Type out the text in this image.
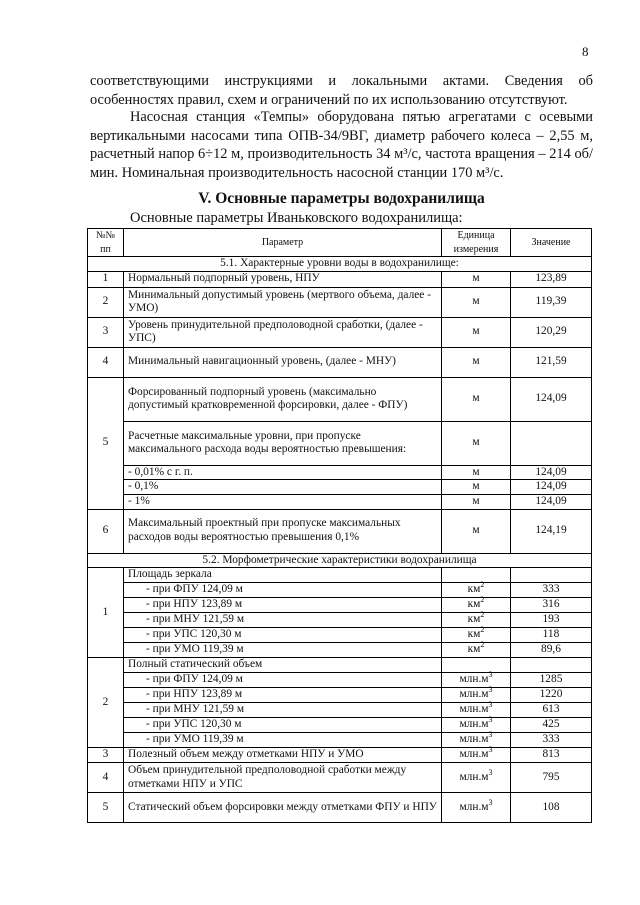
8

соответствующими инструкциями и локальными актами. Сведения об особенностях правил, схем и ограничений по их использованию отсутствуют.

Насосная станция «Темпы» оборудована пятью агрегатами с осевыми вертикальными насосами типа ОПВ-34/9ВГ, диаметр рабочего колеса – 2,55 м, расчетный напор 6÷12 м, производительность 34 м³/с, частота вращения – 214 об/мин. Номинальная производительность насосной станции 170 м³/с.

V. Основные параметры водохранилища
Основные параметры Иваньковского водохранилища:
№№ пп	Параметр	Единица измерения	Значение
5.1. Характерные уровни воды в водохранилище:			
1	Нормальный подпорный уровень, НПУ	м	123,89
2	Минимальный допустимый уровень (мертвого объема, далее - УМО)	м	119,39
3	Уровень принудительной предполоводной сработки, (далее - УПС)	м	120,29
4	Минимальный навигационный уровень, (далее - МНУ)	м	121,59
5	Форсированный подпорный уровень (максимально допустимый кратковременной форсировки, далее - ФПУ)	м	124,09
	Расчетные максимальные уровни, при пропуске максимального расхода воды вероятностью превышения:	м	
	- 0,01% с г. п.	м	124,09
	- 0,1%	м	124,09
	- 1%	м	124,09
6	Максимальный проектный при пропуске максимальных расходов воды вероятностью превышения 0,1%	м	124,19
5.2. Морфометрические характеристики водохранилища			
1	Площадь зеркала		
	- при ФПУ 124,09 м	$км^2$	333
	- при НПУ 123,89 м	$км^2$	316
	- при МНУ 121,59 м	$км^2$	193
	- при УПС 120,30 м	$км^2$	118
	- при УМО 119,39 м	$км^2$	89,6
2	Полный статический объем		
	- при ФПУ 124,09 м	$млн.м^3$	1285
	- при НПУ 123,89 м	$млн.м^3$	1220
	- при МНУ 121,59 м	$млн.м^3$	613
	- при УПС 120,30 м	$млн.м^3$	425
	- при УМО 119,39 м	$млн.м^3$	333
3	Полезный объем между отметками НПУ и УМО	$млн.м^3$	813
4	Объем принудительной предполоводной сработки между отметками НПУ и УПС	$млн.м^3$	795
5	Статический объем форсировки между отметками ФПУ и НПУ	$млн.м^3$	108
